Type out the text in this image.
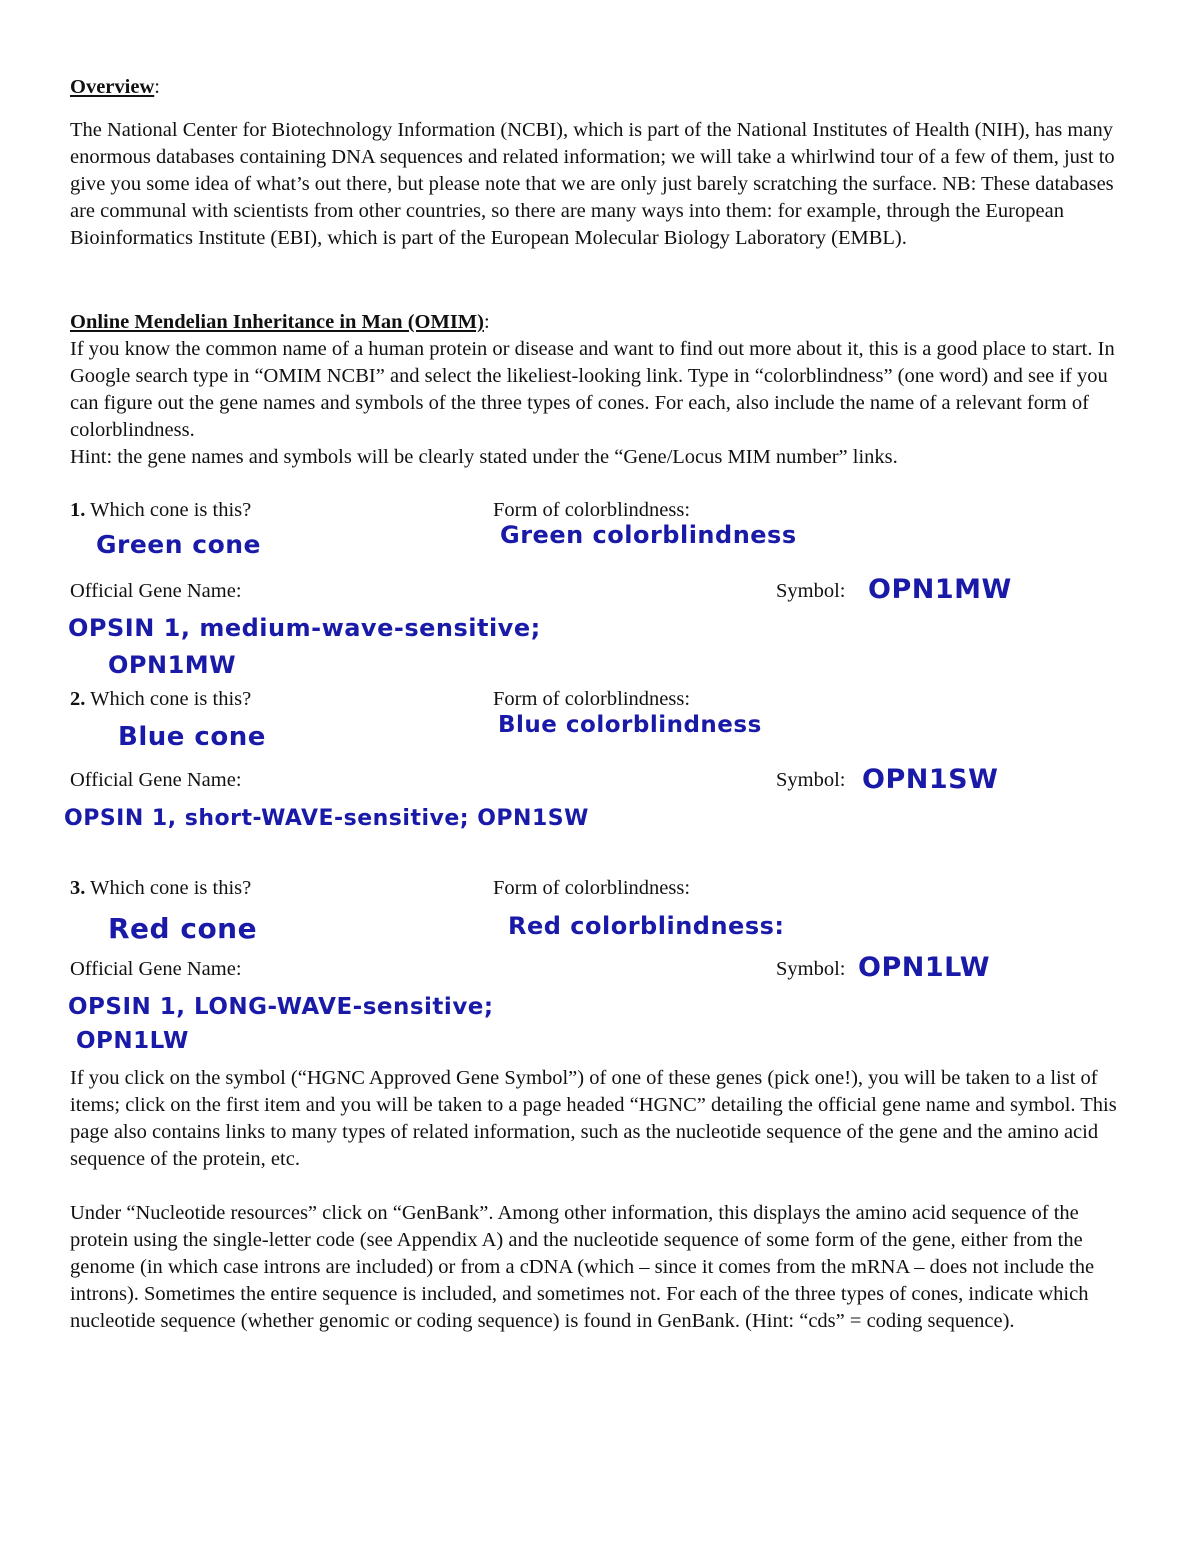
Overview:

The National Center for Biotechnology Information (NCBI), which is part of the National Institutes of Health (NIH), has many enormous databases containing DNA sequences and related information; we will take a whirlwind tour of a few of them, just to give you some idea of what’s out there, but please note that we are only just barely scratching the surface. NB: These databases are communal with scientists from other countries, so there are many ways into them: for example, through the European Bioinformatics Institute (EBI), which is part of the European Molecular Biology Laboratory (EMBL).

Online Mendelian Inheritance in Man (OMIM):

If you know the common name of a human protein or disease and want to find out more about it, this is a good place to start. In Google search type in “OMIM NCBI” and select the likeliest-looking link. Type in “colorblindness” (one word) and see if you can figure out the gene names and symbols of the three types of cones. For each, also include the name of a relevant form of colorblindness.

Hint: the gene names and symbols will be clearly stated under the “Gene/Locus MIM number” links.

1. Which cone is this?	Form of colorblindness:
Green cone	Green colorblindness
Official Gene Name:	Symbol: OPN1MW
OPSIN 1, medium-wave-sensitive;
OPN1MW
2. Which cone is this?	Form of colorblindness:
Blue cone	Blue colorblindness
Official Gene Name:	Symbol: OPN1SW
OPSIN 1, short-WAVE-sensitive; OPN1SW
3. Which cone is this?	Form of colorblindness:
Red cone	Red colorblindness:
Official Gene Name:	Symbol: OPN1LW
OPSIN 1, LONG-WAVE-sensitive;
OPN1LW

If you click on the symbol (“HGNC Approved Gene Symbol”) of one of these genes (pick one!), you will be taken to a list of items; click on the first item and you will be taken to a page headed “HGNC” detailing the official gene name and symbol. This page also contains links to many types of related information, such as the nucleotide sequence of the gene and the amino acid sequence of the protein, etc.

Under “Nucleotide resources” click on “GenBank”. Among other information, this displays the amino acid sequence of the protein using the single-letter code (see Appendix A) and the nucleotide sequence of some form of the gene, either from the genome (in which case introns are included) or from a cDNA (which – since it comes from the mRNA – does not include the introns). Sometimes the entire sequence is included, and sometimes not. For each of the three types of cones, indicate which nucleotide sequence (whether genomic or coding sequence) is found in GenBank. (Hint: “cds” = coding sequence).
